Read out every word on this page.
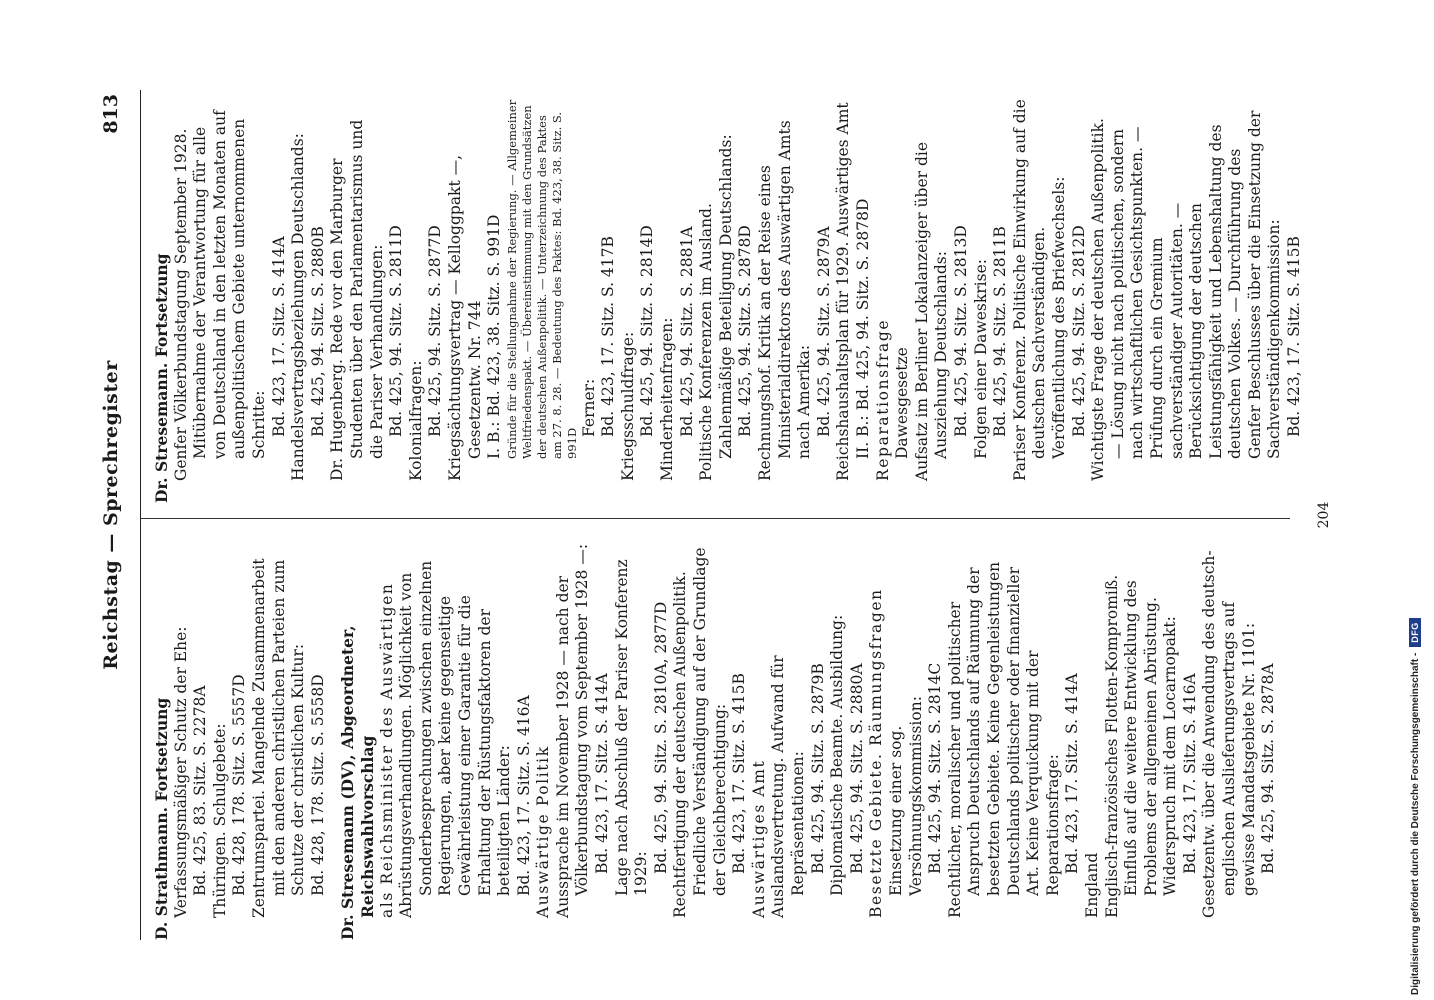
Reichstag — Sprechregister
813

D. Strathmann. Fortsetzung Verfassungsmäßiger Schutz der Ehe: Bd. 425, 83. Sitz. S. 2278A Thüringen. Schulgebete: Bd. 428, 178. Sitz. S. 5557D Zentrumspartei. Mangelnde Zusammenarbeit mit den anderen christlichen Parteien zum Schutze der christlichen Kultur: Bd. 428, 178. Sitz. S. 5558D Dr. Stresemann (DV), Abgeordneter, Reichswahlvorschlag als Reichsminister des Auswärtigen Abrüstungsverhandlungen. Möglichkeit von Sonderbesprechungen zwischen einzelnen Regierungen, aber keine gegenseitige Gewährleistung einer Garantie für die Erhaltung der Rüstungsfaktoren der beteiligten Länder: Bd. 423, 17. Sitz. S. 416A Auswärtige Politik Aussprache im November 1928 — nach der Völkerbundstagung vom September 1928 —: Bd. 423, 17. Sitz. S. 414A Lage nach Abschluß der Pariser Konferenz 1929: Bd. 425, 94. Sitz. S. 2810A, 2877D Rechtfertigung der deutschen Außenpolitik. Friedliche Verständigung auf der Grundlage der Gleichberechtigung: Bd. 423, 17. Sitz. S. 415B Auswärtiges Amt Auslandsvertretung. Aufwand für Repräsentationen: Bd. 425, 94. Sitz. S. 2879B Diplomatische Beamte. Ausbildung: Bd. 425, 94. Sitz. S. 2880A Besetzte Gebiete. Räumungsfragen Einsetzung einer sog. Versöhnungskommission: Bd. 425, 94. Sitz. S. 2814C Rechtlicher, moralischer und politischer Anspruch Deutschlands auf Räumung der besetzten Gebiete. Keine Gegenleistungen Deutschlands politischer oder finanzieller Art. Keine Verquickung mit der Reparationsfrage: Bd. 423, 17. Sitz. S. 414A

England Englisch-französisches Flotten-Kompromiß. Einfluß auf die weitere Entwicklung des Problems der allgemeinen Abrüstung. Widerspruch mit dem Locarnopakt: Bd. 423, 17. Sitz. S. 416A Gesetzentw. über die Anwendung des deutsch-englischen Auslieferungsvertrags auf gewisse Mandatsgebiete Nr. 1101: Bd. 425, 94. Sitz. S. 2878A

Dr. Stresemann. Fortsetzung Genfer Völkerbundstagung September 1928. Mitübernahme der Verantwortung für alle von Deutschland in den letzten Monaten auf außenpolitischem Gebiete unternommenen Schritte: Bd. 423, 17. Sitz. S. 414A Handelsvertragsbeziehungen Deutschlands: Bd. 425, 94. Sitz. S. 2880B Dr. Hugenberg. Rede vor den Marburger Studenten über den Parlamentarismus und die Pariser Verhandlungen: Bd. 425, 94. Sitz. S. 2811D Kolonialfragen: Bd. 425, 94. Sitz. S. 2877D Kriegsächtungsvertrag — Kelloggpakt —, Gesetzentw. Nr. 744 I. B.: Bd. 423, 38. Sitz. S. 991D Gründe für die Stellungnahme der Regierung. — Allgemeiner Weltfriedenspakt. — Übereinstimmung mit den Grundsätzen der deutschen Außenpolitik. — Unterzeichnung des Paktes am 27. 8. 28. — Bedeutung des Paktes: Bd. 423, 38. Sitz. S. 991D

Ferner: Bd. 423, 17. Sitz. S. 417B Kriegsschuldfrage: Bd. 425, 94. Sitz. S. 2814D Minderheitenfragen: Bd. 425, 94. Sitz. S. 2881A Politische Konferenzen im Ausland. Zahlenmäßige Beteiligung Deutschlands: Bd. 425, 94. Sitz. S. 2878D Rechnungshof. Kritik an der Reise eines Ministerialdirektors des Auswärtigen Amts nach Amerika: Bd. 425, 94. Sitz. S. 2879A Reichshaushaltsplan für 1929. Auswärtiges Amt II. B.: Bd. 425, 94. Sitz. S. 2878D Reparationsfrage Dawesgesetze Aufsatz im Berliner Lokalanzeiger über die Ausziehung Deutschlands: Bd. 425, 94. Sitz. S. 2813D Folgen einer Daweskrise: Bd. 425, 94. Sitz. S. 2811B Pariser Konferenz. Politische Einwirkung auf die deutschen Sachverständigen. Veröffentlichung des Briefwechsels: Bd. 425, 94. Sitz. S. 2812D Wichtigste Frage der deutschen Außenpolitik. — Lösung nicht nach politischen, sondern nach wirtschaftlichen Gesichtspunkten. — Prüfung durch ein Gremium sachverständiger Autoritäten. — Berücksichtigung der deutschen Leistungsfähigkeit und Lebenshaltung des deutschen Volkes. — Durchführung des Genfer Beschlusses über die Einsetzung der Sachverständigenkommission: Bd. 423, 17. Sitz. S. 415B

204
Digitalisierung gefördert durch die Deutsche Forschungsgemeinschaft -
DFG
